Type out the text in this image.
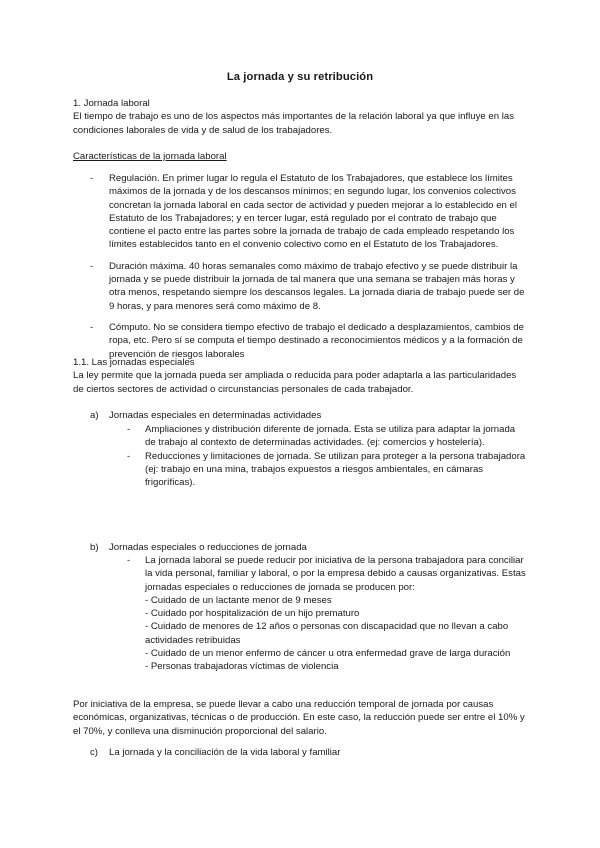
La jornada y su retribución
1. Jornada laboral
El tiempo de trabajo es uno de los aspectos más importantes de la relación laboral ya que influye en las condiciones laborales de vida y de salud de los trabajadores.
Características de la jornada laboral
- Regulación. En primer lugar lo regula el Estatuto de los Trabajadores, que establece los límites máximos de la jornada y de los descansos mínimos; en segundo lugar, los convenios colectivos concretan la jornada laboral en cada sector de actividad y pueden mejorar a lo establecido en el Estatuto de los Trabajadores; y en tercer lugar, está regulado por el contrato de trabajo que contiene el pacto entre las partes sobre la jornada de trabajo de cada empleado respetando los límites establecidos tanto en el convenio colectivo como en el Estatuto de los Trabajadores.
- Duración máxima. 40 horas semanales como máximo de trabajo efectivo y se puede distribuir la jornada y se puede distribuir la jornada de tal manera que una semana se trabajen más horas y otra menos, respetando siempre los descansos legales. La jornada diaria de trabajo puede ser de 9 horas, y para menores será como máximo de 8.
- Cómputo. No se considera tiempo efectivo de trabajo el dedicado a desplazamientos, cambios de ropa, etc. Pero sí se computa el tiempo destinado a reconocimientos médicos y a la formación de prevención de riesgos laborales
1.1. Las jornadas especiales
La ley permite que la jornada pueda ser ampliada o reducida para poder adaptarla a las particularidades de ciertos sectores de actividad o circunstancias personales de cada trabajador.
a) Jornadas especiales en determinadas actividades
- Ampliaciones y distribución diferente de jornada. Esta se utiliza para adaptar la jornada de trabajo al contexto de determinadas actividades. (ej: comercios y hostelería).
- Reducciones y limitaciones de jornada. Se utilizan para proteger a la persona trabajadora (ej: trabajo en una mina, trabajos expuestos a riesgos ambientales, en cámaras frigoríficas).
b) Jornadas especiales o reducciones de jornada
- La jornada laboral se puede reducir por iniciativa de la persona trabajadora para conciliar la vida personal, familiar y laboral, o por la empresa debido a causas organizativas. Estas jornadas especiales o reducciones de jornada se producen por:
- Cuidado de un lactante menor de 9 meses
- Cuidado por hospitalización de un hijo prematuro
- Cuidado de menores de 12 años o personas con discapacidad que no llevan a cabo actividades retribuidas
- Cuidado de un menor enfermo de cáncer u otra enfermedad grave de larga duración
- Personas trabajadoras víctimas de violencia
Por iniciativa de la empresa, se puede llevar a cabo una reducción temporal de jornada por causas económicas, organizativas, técnicas o de producción. En este caso, la reducción puede ser entre el 10% y el 70%, y conlleva una disminución proporcional del salario.
c) La jornada y la conciliación de la vida laboral y familiar
